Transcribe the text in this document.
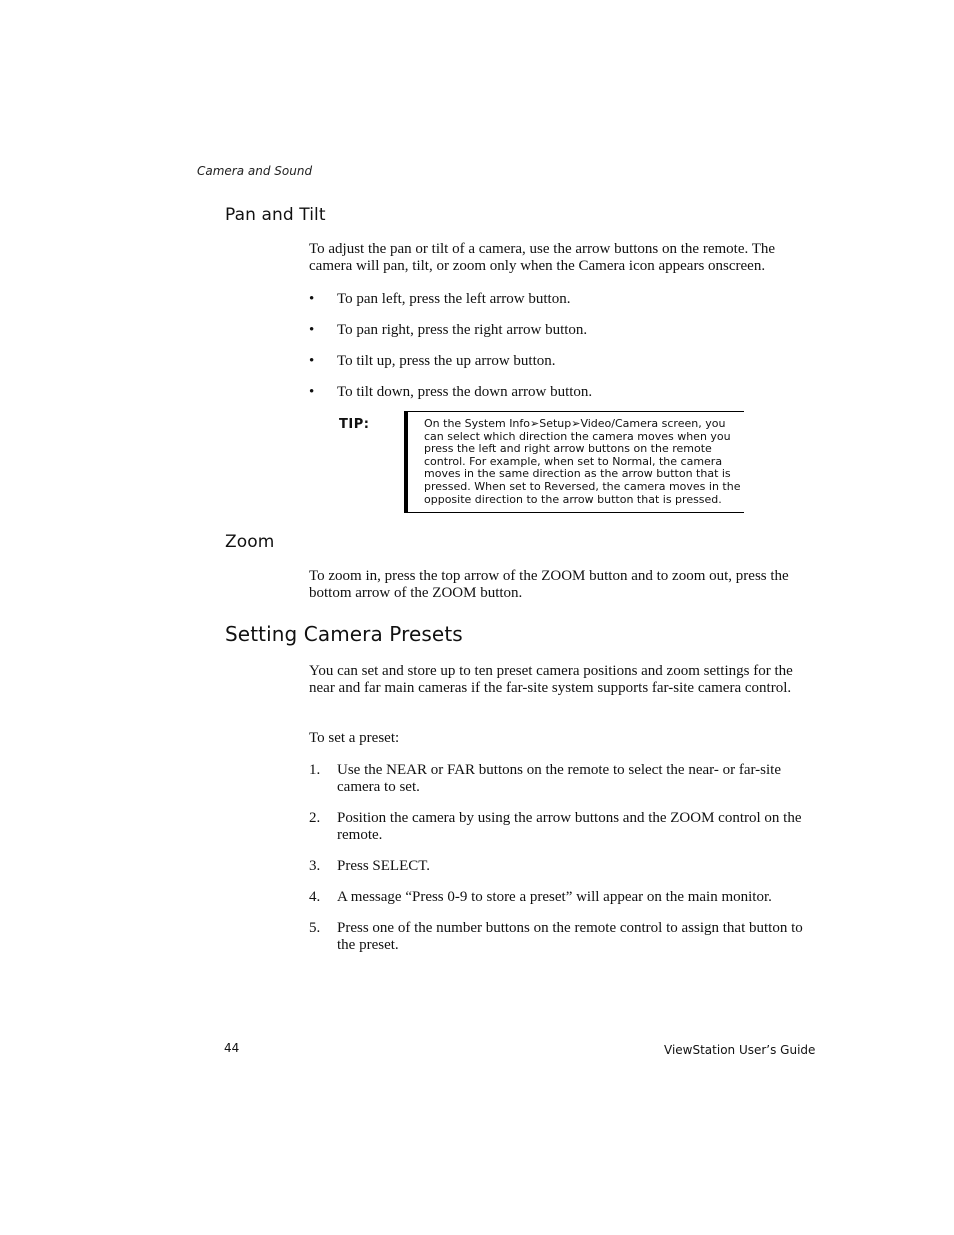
Camera and Sound
Pan and Tilt

To adjust the pan or tilt of a camera, use the arrow buttons on the remote. The camera will pan, tilt, or zoom only when the Camera icon appears onscreen.

• To pan left, press the left arrow button.
• To pan right, press the right arrow button.
• To tilt up, press the up arrow button.
• To tilt down, press the down arrow button.
TIP:	On the System Info➢Setup➢Video/Camera screen, you can select which direction the camera moves when you press the left and right arrow buttons on the remote control. For example, when set to Normal, the camera moves in the same direction as the arrow button that is pressed. When set to Reversed, the camera moves in the opposite direction to the arrow button that is pressed.

Zoom

To zoom in, press the top arrow of the ZOOM button and to zoom out, press the bottom arrow of the ZOOM button.

Setting Camera Presets

You can set and store up to ten preset camera positions and zoom settings for the near and far main cameras if the far-site system supports far-site camera control.

To set a preset:

1. Use the NEAR or FAR buttons on the remote to select the near- or far-site camera to set.
2. Position the camera by using the arrow buttons and the ZOOM control on the remote.
3. Press SELECT.
4. A message “Press 0-9 to store a preset” will appear on the main monitor.
5. Press one of the number buttons on the remote control to assign that button to the preset.
44	ViewStation User’s Guide
